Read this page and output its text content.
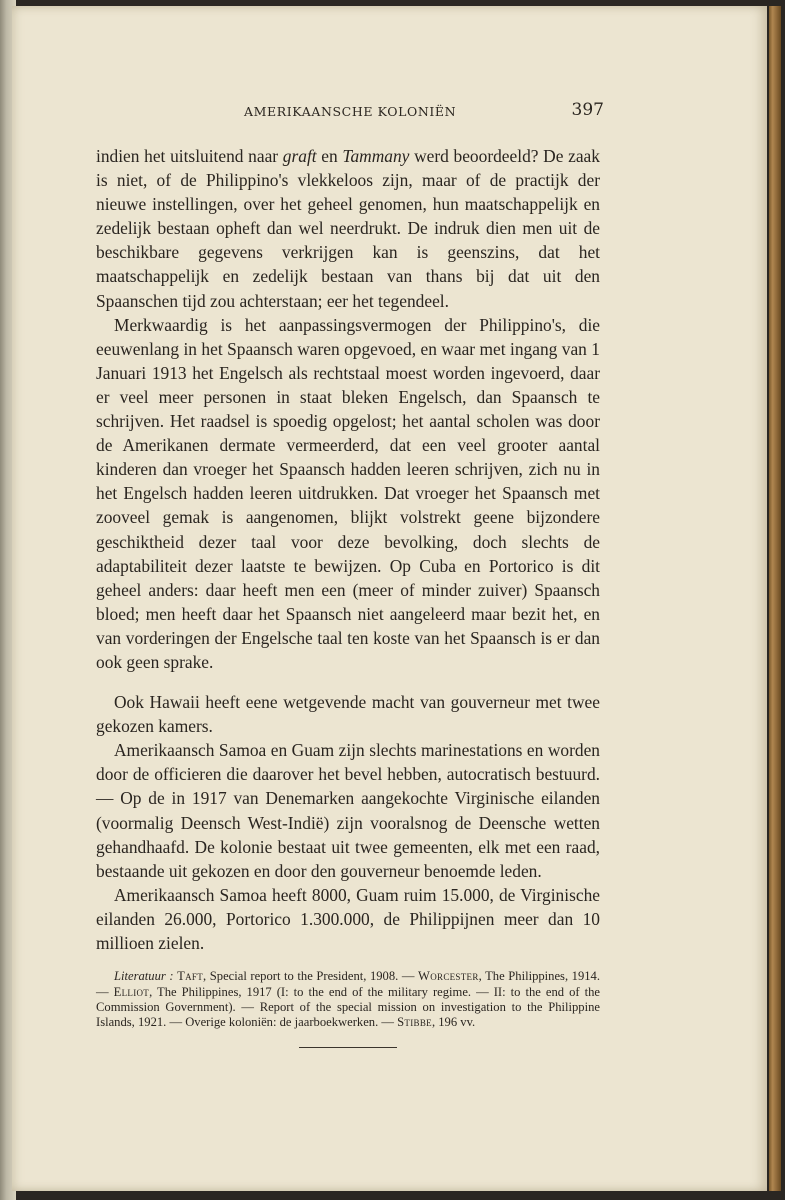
AMERIKAANSCHE KOLONIËN	397

indien het uitsluitend naar graft en Tammany werd beoordeeld? De zaak is niet, of de Philippino's vlekkeloos zijn, maar of de practijk der nieuwe instellingen, over het geheel genomen, hun maatschappelijk en zedelijk bestaan opheft dan wel neerdrukt. De indruk dien men uit de beschikbare gegevens verkrijgen kan is geenszins, dat het maatschappelijk en zedelijk bestaan van thans bij dat uit den Spaanschen tijd zou achterstaan; eer het tegendeel.

Merkwaardig is het aanpassingsvermogen der Philippino's, die eeuwenlang in het Spaansch waren opgevoed, en waar met ingang van 1 Januari 1913 het Engelsch als rechtstaal moest worden ingevoerd, daar er veel meer personen in staat bleken Engelsch, dan Spaansch te schrijven. Het raadsel is spoedig opgelost; het aantal scholen was door de Amerikanen dermate vermeerderd, dat een veel grooter aantal kinderen dan vroeger het Spaansch hadden leeren schrijven, zich nu in het Engelsch hadden leeren uitdrukken. Dat vroeger het Spaansch met zooveel gemak is aangenomen, blijkt volstrekt geene bijzondere geschiktheid dezer taal voor deze bevolking, doch slechts de adaptabiliteit dezer laatste te bewijzen. Op Cuba en Portorico is dit geheel anders: daar heeft men een (meer of minder zuiver) Spaansch bloed; men heeft daar het Spaansch niet aangeleerd maar bezit het, en van vorderingen der Engelsche taal ten koste van het Spaansch is er dan ook geen sprake.

Ook Hawaii heeft eene wetgevende macht van gouverneur met twee gekozen kamers.

Amerikaansch Samoa en Guam zijn slechts marinestations en worden door de officieren die daarover het bevel hebben, autocratisch bestuurd. — Op de in 1917 van Denemarken aangekochte Virginische eilanden (voormalig Deensch West-Indië) zijn vooralsnog de Deensche wetten gehandhaafd. De kolonie bestaat uit twee gemeenten, elk met een raad, bestaande uit gekozen en door den gouverneur benoemde leden.

Amerikaansch Samoa heeft 8000, Guam ruim 15.000, de Virginische eilanden 26.000, Portorico 1.300.000, de Philippijnen meer dan 10 millioen zielen.

Literatuur : Taft, Special report to the President, 1908. — Worcester, The Philippines, 1914. — Elliot, The Philippines, 1917 (I: to the end of the military regime. — II: to the end of the Commission Government). — Report of the special mission on investigation to the Philippine Islands, 1921. — Overige koloniën: de jaarboekwerken. — Stibbe, 196 vv.
